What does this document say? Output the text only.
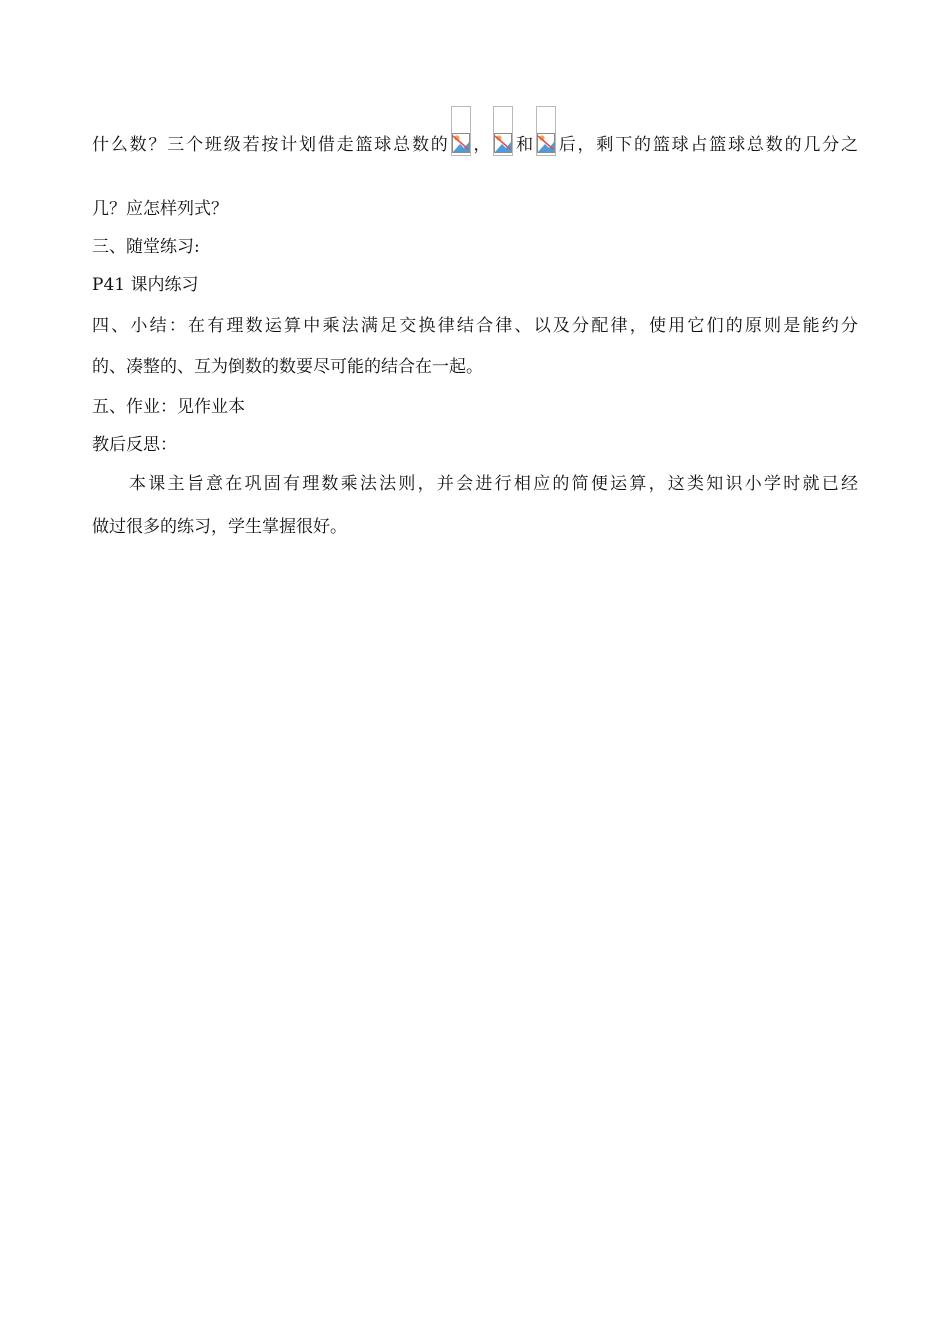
什么数？三个班级若按计划借走篮球总数的 ， 和 后，剩下的篮球占篮球总数的几分之
几？应怎样列式？
三、随堂练习:
P41 课内练习
四、小结：在有理数运算中乘法满足交换律结合律、以及分配律，使用它们的原则是能约分
的、凑整的、互为倒数的数要尽可能的结合在一起。
五、作业：见作业本
教后反思：
本课主旨意在巩固有理数乘法法则，并会进行相应的简便运算，这类知识小学时就已经
做过很多的练习，学生掌握很好。
